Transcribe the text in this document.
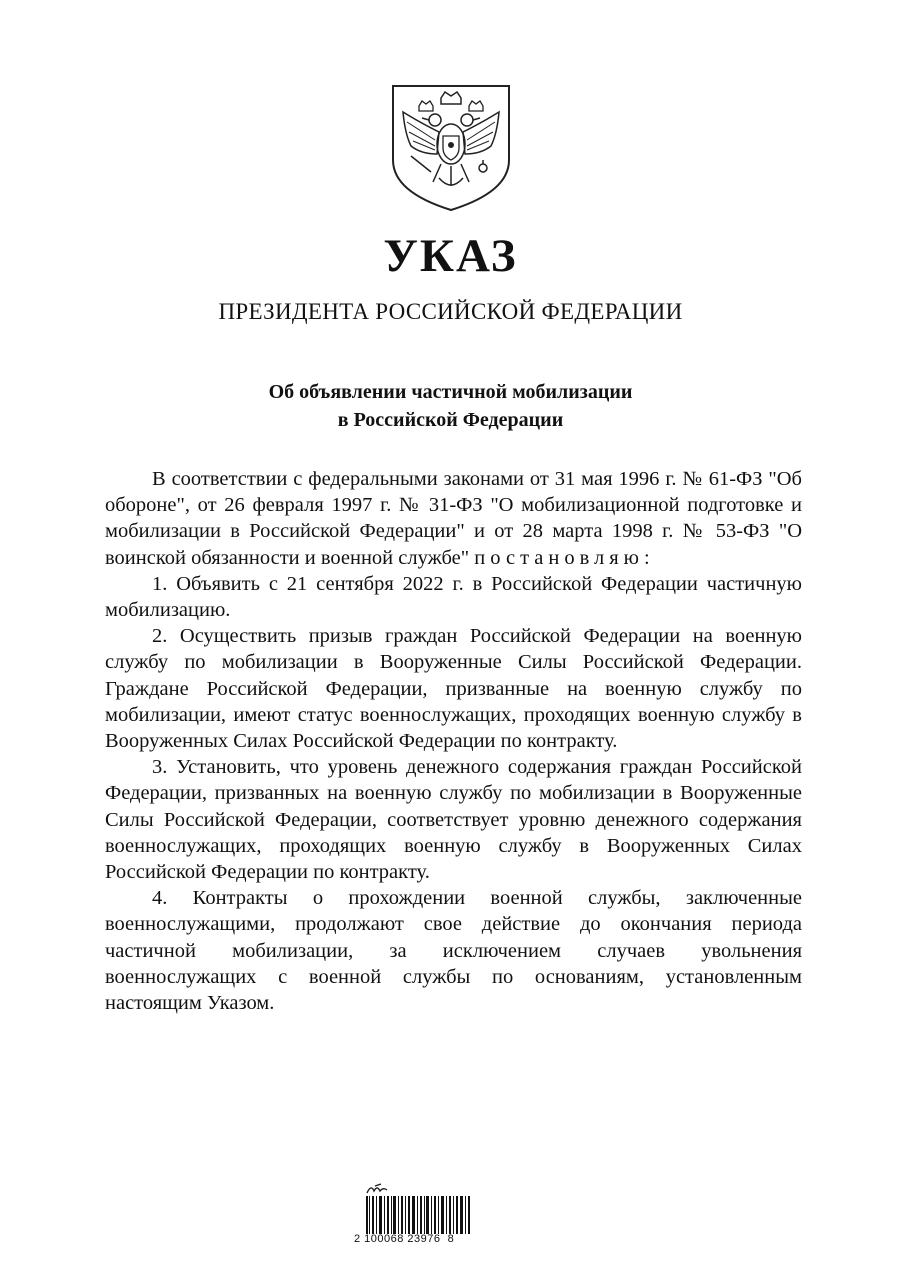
УКАЗ
ПРЕЗИДЕНТА РОССИЙСКОЙ ФЕДЕРАЦИИ
Об объявлении частичной мобилизации
в Российской Федерации

В соответствии с федеральными законами от 31 мая 1996 г. № 61-ФЗ "Об обороне", от 26 февраля 1997 г. № 31-ФЗ "О мобилизационной подготовке и мобилизации в Российской Федерации" и от 28 марта 1998 г. № 53-ФЗ "О воинской обязанности и военной службе" постановляю:

1. Объявить с 21 сентября 2022 г. в Российской Федерации частичную мобилизацию.

2. Осуществить призыв граждан Российской Федерации на военную службу по мобилизации в Вооруженные Силы Российской Федерации. Граждане Российской Федерации, призванные на военную службу по мобилизации, имеют статус военнослужащих, проходящих военную службу в Вооруженных Силах Российской Федерации по контракту.

3. Установить, что уровень денежного содержания граждан Российской Федерации, призванных на военную службу по мобилизации в Вооруженные Силы Российской Федерации, соответствует уровню денежного содержания военнослужащих, проходящих военную службу в Вооруженных Силах Российской Федерации по контракту.

4. Контракты о прохождении военной службы, заключенные военнослужащими, продолжают свое действие до окончания периода частичной мобилизации, за исключением случаев увольнения военнослужащих с военной службы по основаниям, установленным настоящим Указом.

2 100068 23976  8
